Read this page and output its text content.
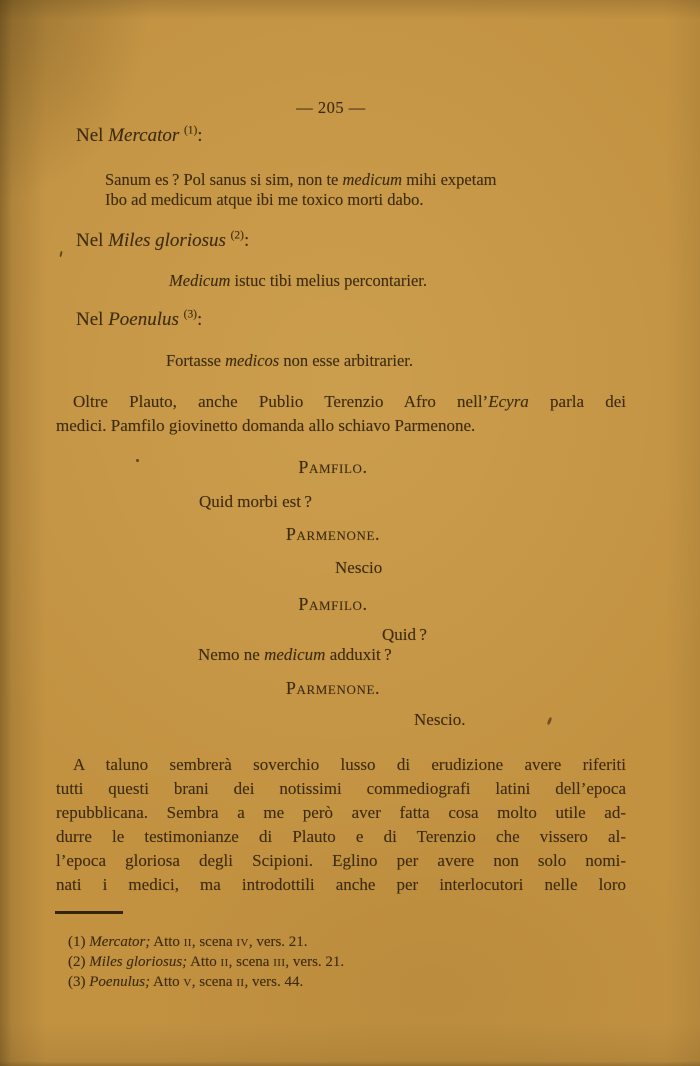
— 205 —
Nel Mercator $^{(1)}$:
Sanum es ? Pol sanus si sim, non te medicum mihi expetam
Ibo ad medicum atque ibi me toxico morti dabo.
Nel Miles gloriosus $^{(2)}$:
Medicum istuc tibi melius percontarier.
Nel Poenulus $^{(3)}$:
Fortasse medicos non esse arbitrarier.
Oltre Plauto, anche Publio Terenzio Afro nell’Ecyra parla dei
medici. Pamfilo giovinetto domanda allo schiavo Parmenone.
Pamfilo.
Quid morbi est ?
Parmenone.
Nescio
Pamfilo.
Quid ?
Nemo ne medicum adduxit ?
Parmenone.
Nescio.
A taluno sembrerà soverchio lusso di erudizione avere riferiti
tutti questi brani dei notissimi commediografi latini dell’epoca
repubblicana. Sembra a me però aver fatta cosa molto utile ad-
durre le testimonianze di Plauto e di Terenzio che vissero al-
l’epoca gloriosa degli Scipioni. Eglino per avere non solo nomi-
nati i medici, ma introdottili anche per interlocutori nelle loro
(1) Mercator; Atto ii, scena iv, vers. 21.
(2) Miles gloriosus; Atto ii, scena iii, vers. 21.
(3) Poenulus; Atto v, scena ii, vers. 44.
